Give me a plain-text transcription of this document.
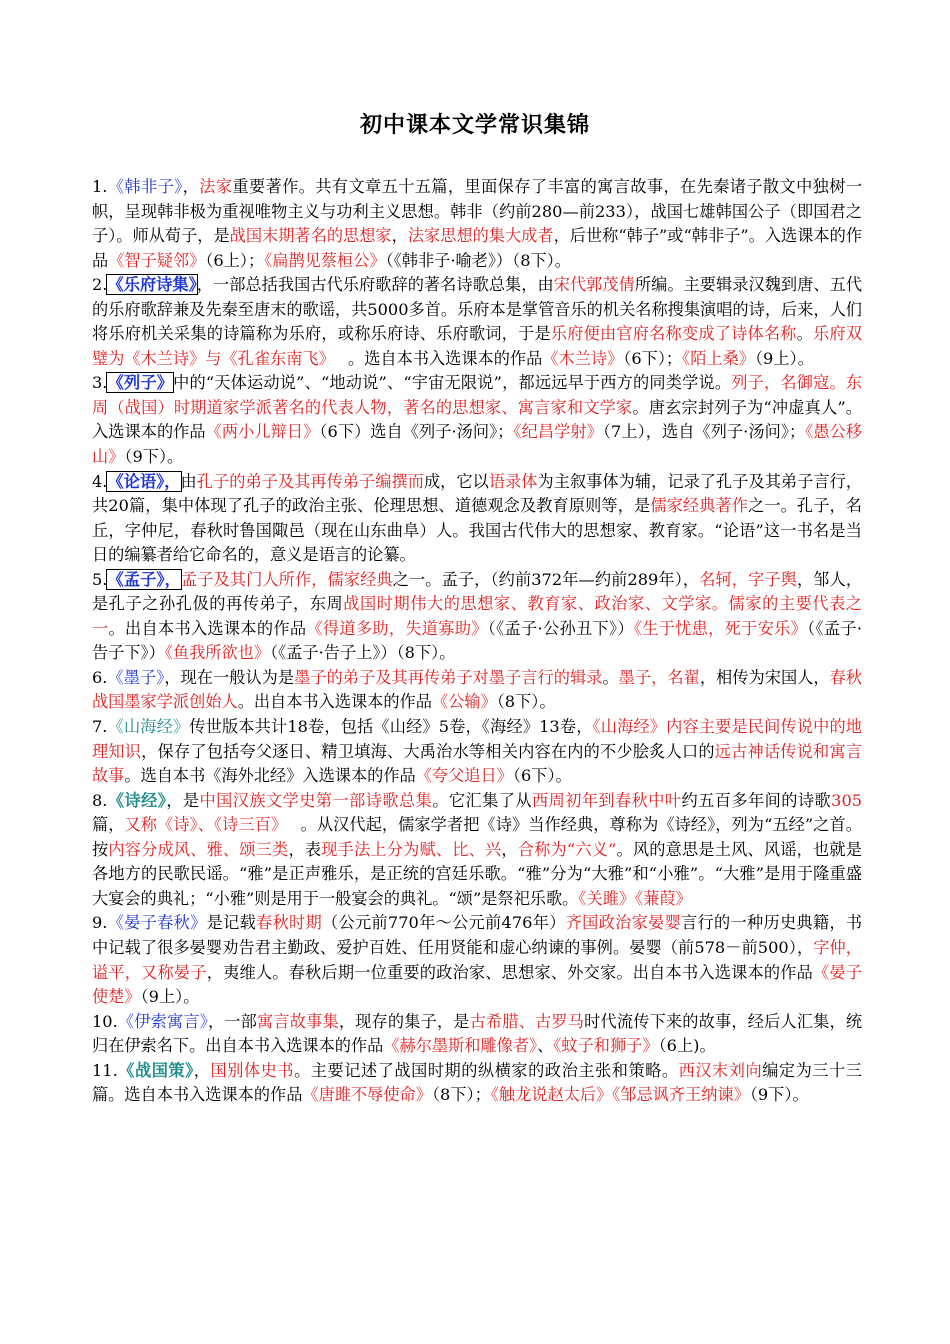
初中课本文学常识集锦

1.《韩非子》，法家重要著作。共有文章五十五篇，里面保存了丰富的寓言故事，在先秦诸子散文中独树一帜，呈现韩非极为重视唯物主义与功利主义思想。韩非（约前280—前233），战国七雄韩国公子（即国君之子）。师从荀子，是战国末期著名的思想家，法家思想的集大成者，后世称“韩子”或“韩非子”。入选课本的作品《智子疑邻》（6上）；《扁鹊见蔡桓公》（《韩非子·喻老》）（8下）。

2.《乐府诗集》，一部总括我国古代乐府歌辞的著名诗歌总集，由宋代郭茂倩所编。主要辑录汉魏到唐、五代的乐府歌辞兼及先秦至唐末的歌谣，共5000多首。乐府本是掌管音乐的机关名称搜集演唱的诗，后来，人们将乐府机关采集的诗篇称为乐府，或称乐府诗、乐府歌词，于是乐府便由官府名称变成了诗体名称。乐府双璧为《木兰诗》与《孔雀东南飞》　 。选自本书入选课本的作品《木兰诗》（6下）；《陌上桑》（9上）。

3.《列子》中的“天体运动说”、“地动说”、“宇宙无限说”，都远远早于西方的同类学说。列子，名御寇。东周（战国）时期道家学派著名的代表人物，著名的思想家、寓言家和文学家。唐玄宗封列子为“冲虚真人”。入选课本的作品《两小儿辩日》（6下）选自《列子·汤问》；《纪昌学射》（7上），选自《列子·汤问》；《愚公移山》（9下）。

4.《论语》，由孔子的弟子及其再传弟子编撰而成，它以语录体为主叙事体为辅，记录了孔子及其弟子言行，共20篇，集中体现了孔子的政治主张、伦理思想、道德观念及教育原则等，是儒家经典著作之一。孔子，名丘，字仲尼，春秋时鲁国陬邑（现在山东曲阜）人。我国古代伟大的思想家、教育家。“论语”这一书名是当日的编纂者给它命名的，意义是语言的论纂。

5.《孟子》，孟子及其门人所作，儒家经典之一。孟子，（约前372年—约前289年），名轲，字子舆，邹人，是孔子之孙孔伋的再传弟子，东周战国时期伟大的思想家、教育家、政治家、文学家。儒家的主要代表之一。出自本书入选课本的作品《得道多助，失道寡助》（《孟子·公孙丑下》）《生于忧患，死于安乐》（《孟子·告子下》）《鱼我所欲也》（《孟子·告子上》）（8下）。

6.《墨子》，现在一般认为是墨子的弟子及其再传弟子对墨子言行的辑录。墨子，名翟，相传为宋国人，春秋战国墨家学派创始人。出自本书入选课本的作品《公输》（8下）。

7.《山海经》传世版本共计18卷，包括《山经》5卷，《海经》13卷，《山海经》内容主要是民间传说中的地理知识，保存了包括夸父逐日、精卫填海、大禹治水等相关内容在内的不少脍炙人口的远古神话传说和寓言故事。选自本书《海外北经》入选课本的作品《夸父追日》（6下）。

8.《诗经》，是中国汉族文学史第一部诗歌总集。它汇集了从西周初年到春秋中叶约五百多年间的诗歌305篇，又称《诗》、《诗三百》　 。从汉代起，儒家学者把《诗》当作经典，尊称为《诗经》，列为“五经”之首。按内容分成风、雅、颂三类，表现手法上分为赋、比、兴，合称为“六义”。风的意思是土风、风谣，也就是各地方的民歌民谣。“雅”是正声雅乐，是正统的宫廷乐歌。“雅”分为“大雅”和“小雅”。“大雅”是用于隆重盛大宴会的典礼；“小雅”则是用于一般宴会的典礼。“颂”是祭祀乐歌。《关雎》《蒹葭》

9.《晏子春秋》是记载春秋时期（公元前770年～公元前476年）齐国政治家晏婴言行的一种历史典籍，书中记载了很多晏婴劝告君主勤政、爱护百姓、任用贤能和虚心纳谏的事例。晏婴（前578－前500），字仲，谥平，又称晏子，夷维人。春秋后期一位重要的政治家、思想家、外交家。出自本书入选课本的作品《晏子使楚》（9上）。

10.《伊索寓言》，一部寓言故事集，现存的集子，是古希腊、古罗马时代流传下来的故事，经后人汇集，统归在伊索名下。出自本书入选课本的作品《赫尔墨斯和雕像者》、《蚊子和狮子》（6上)。

11.《战国策》，国别体史书。主要记述了战国时期的纵横家的政治主张和策略。西汉末刘向编定为三十三篇。选自本书入选课本的作品《唐雎不辱使命》（8下）；《触龙说赵太后》《邹忌讽齐王纳谏》（9下）。
